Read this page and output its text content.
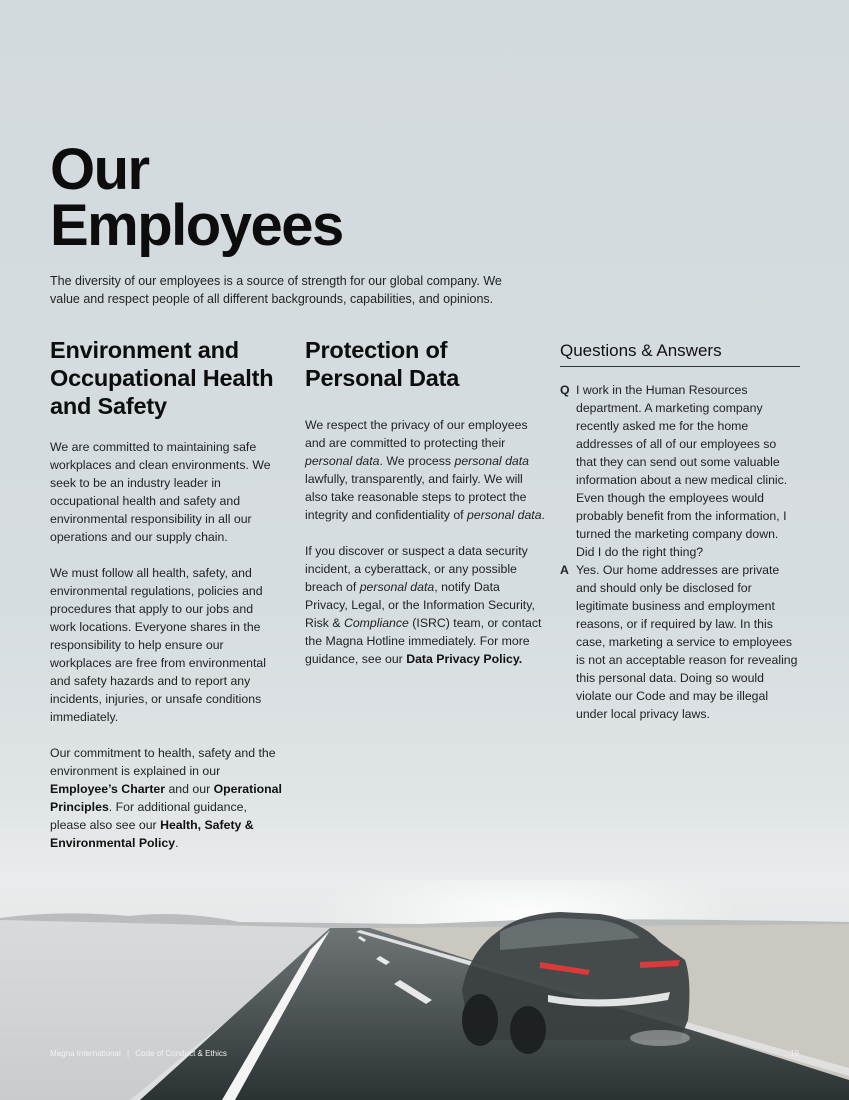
Our
Employees

The diversity of our employees is a source of strength for our global company. We value and respect people of all different backgrounds, capabilities, and opinions.

Environment and Occupational Health and Safety

We are committed to maintaining safe workplaces and clean environments. We seek to be an industry leader in occupational health and safety and environmental responsibility in all our operations and our supply chain.

We must follow all health, safety, and environmental regulations, policies and procedures that apply to our jobs and work locations. Everyone shares in the responsibility to help ensure our workplaces are free from environmental and safety hazards and to report any incidents, injuries, or unsafe conditions immediately.

Our commitment to health, safety and the environment is explained in our Employee’s Charter and our Operational Principles. For additional guidance, please also see our Health, Safety & Environmental Policy.

Protection of Personal Data

We respect the privacy of our employees and are committed to protecting their personal data. We process personal data lawfully, transparently, and fairly. We will also take reasonable steps to protect the integrity and confidentiality of personal data.

If you discover or suspect a data security incident, a cyberattack, or any possible breach of personal data, notify Data Privacy, Legal, or the Information Security, Risk & Compliance (ISRC) team, or contact the Magna Hotline immediately. For more guidance, see our Data Privacy Policy.

Questions & Answers
Q I work in the Human Resources department. A marketing company recently asked me for the home addresses of all of our employees so that they can send out some valuable information about a new medical clinic. Even though the employees would probably benefit from the information, I turned the marketing company down. Did I do the right thing?
A Yes. Our home addresses are private and should only be disclosed for legitimate business and employment reasons, or if required by law. In this case, marketing a service to employees is not an acceptable reason for revealing this personal data. Doing so would violate our Code and may be illegal under local privacy laws.
Magna International | Code of Conduct & Ethics	19
